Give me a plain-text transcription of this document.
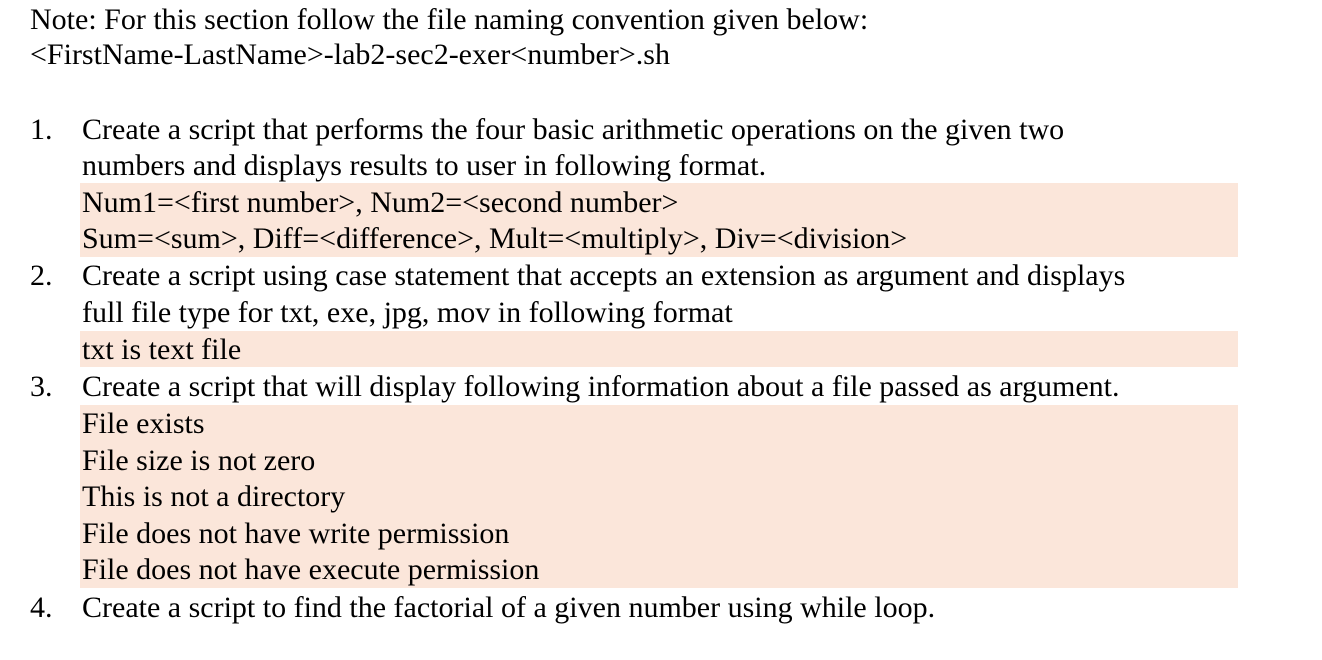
Note: For this section follow the file naming convention given below:
<FirstName-LastName>-lab2-sec2-exer<number>.sh
1. Create a script that performs the four basic arithmetic operations on the given two
numbers and displays results to user in following format.
Num1=<first number>, Num2=<second number>
Sum=<sum>, Diff=<difference>, Mult=<multiply>, Div=<division>
2. Create a script using case statement that accepts an extension as argument and displays
full file type for txt, exe, jpg, mov in following format
txt is text file
3. Create a script that will display following information about a file passed as argument.
File exists
File size is not zero
This is not a directory
File does not have write permission
File does not have execute permission
4. Create a script to find the factorial of a given number using while loop.
